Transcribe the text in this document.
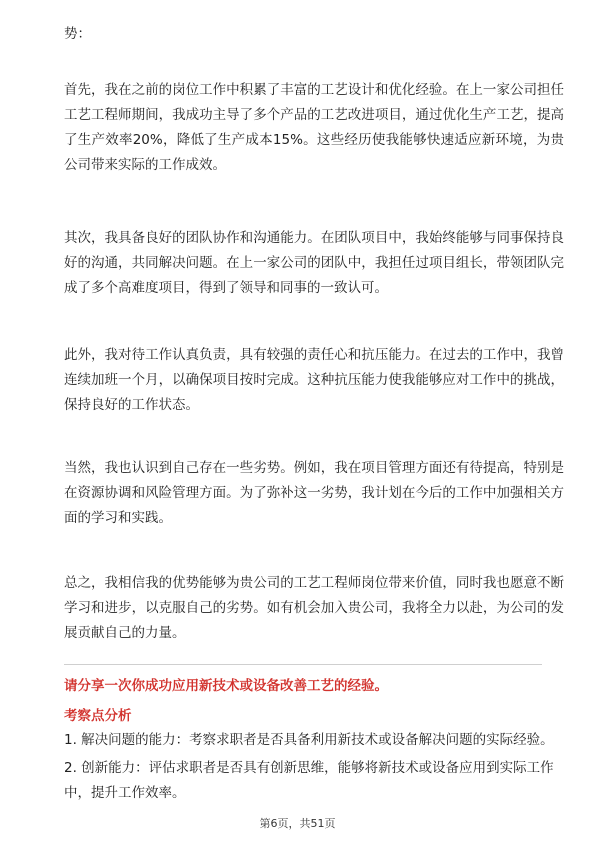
势：

首先，我在之前的岗位工作中积累了丰富的工艺设计和优化经验。在上一家公司担任工艺工程师期间，我成功主导了多个产品的工艺改进项目，通过优化生产工艺，提高了生产效率20%，降低了生产成本15%。这些经历使我能够快速适应新环境，为贵公司带来实际的工作成效。

其次，我具备良好的团队协作和沟通能力。在团队项目中，我始终能够与同事保持良好的沟通，共同解决问题。在上一家公司的团队中，我担任过项目组长，带领团队完成了多个高难度项目，得到了领导和同事的一致认可。

此外，我对待工作认真负责，具有较强的责任心和抗压能力。在过去的工作中，我曾连续加班一个月，以确保项目按时完成。这种抗压能力使我能够应对工作中的挑战，保持良好的工作状态。

当然，我也认识到自己存在一些劣势。例如，我在项目管理方面还有待提高，特别是在资源协调和风险管理方面。为了弥补这一劣势，我计划在今后的工作中加强相关方面的学习和实践。

总之，我相信我的优势能够为贵公司的工艺工程师岗位带来价值，同时我也愿意不断学习和进步，以克服自己的劣势。如有机会加入贵公司，我将全力以赴，为公司的发展贡献自己的力量。

请分享一次你成功应用新技术或设备改善工艺的经验。

考察点分析

1. 解决问题的能力：考察求职者是否具备利用新技术或设备解决问题的实际经验。

2. 创新能力：评估求职者是否具有创新思维，能够将新技术或设备应用到实际工作中，提升工作效率。

第6页，共51页
